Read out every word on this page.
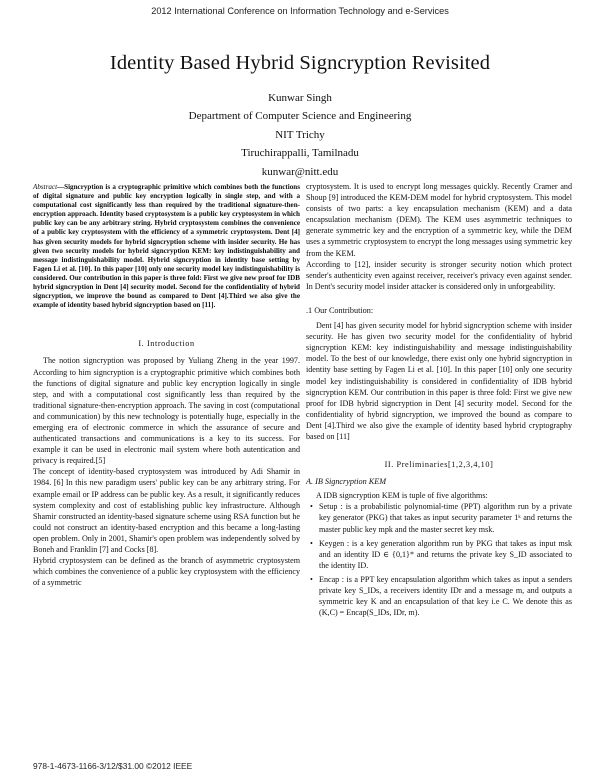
2012 International Conference on Information Technology and e-Services
Identity Based Hybrid Signcryption Revisited
Kunwar Singh
Department of Computer Science and Engineering
NIT Trichy
Tiruchirappalli, Tamilnadu
kunwar@nitt.edu

Abstract—Signcryption is a cryptographic primitive which combines both the functions of digital signature and public key encryption logically in single step, and with a computational cost significantly less than required by the traditional signature-then-encryption approach. Identity based cryptosystem is a public key cryptosystem in which public key can be any arbitrary string. Hybrid cryptosystem combines the convenience of a public key cryptosystem with the efficiency of a symmetric cryptosystem. Dent [4] has given security models for hybrid signcryption scheme with insider security. He has given two security models for hybrid signcryption KEM: key indistinguishability and message indistinguishability model. Hybrid signcryption in identity base setting by Fagen Li et al. [10]. In this paper [10] only one security model key indistinguishability is considered. Our contribution in this paper is three fold: First we give new proof for IDB hybrid signcryption in Dent [4] security model. Second for the confidentiality of hybrid signcryption, we improve the bound as compared to Dent [4].Third we also give the example of identity based hybrid signcryption based on [11].

I. Introduction

The notion signcryption was proposed by Yuliang Zheng in the year 1997. According to him signcryption is a cryptographic primitive which combines both the functions of digital signature and public key encryption logically in single step, and with a computational cost significantly less than required by the traditional signature-then-encryption approach. The saving in cost (computational and communication) by this new technology is potentially huge, especially in the emerging era of electronic commerce in which the assurance of secure and authenticated transactions and communications is a key to its success. For example it can be used in electronic mail system where both autentication and privacy is required.[5]

The concept of identity-based cryptosystem was introduced by Adi Shamir in 1984. [6] In this new paradigm users' public key can be any arbitrary string. For example email or IP address can be public key. As a result, it significantly reduces system complexity and cost of establishing public key infrastructure. Although Shamir constructed an identity-based signature scheme using RSA function but he could not construct an identity-based encryption and this became a long-lasting open problem. Only in 2001, Shamir's open problem was independently solved by Boneh and Franklin [7] and Cocks [8].

Hybrid cryptosystem can be defined as the branch of asymmetric cryptosystem which combines the convenience of a public key cryptosystem with the efficiency of a symmetric

cryptosystem. It is used to encrypt long messages quickly. Recently Cramer and Shoup [9] introduced the KEM-DEM model for hybrid cryptosystem. This model consists of two parts: a key encapsulation mechanism (KEM) and a data encapsulation mechanism (DEM). The KEM uses asymmetric techniques to generate symmetric key and the encryption of a symmetric key, while the DEM uses a symmetric cryptosystem to encrypt the long messages using symmetric key from the KEM.

According to [12], insider security is stronger security notion which protect sender's authenticity even against receiver, receiver's privacy even against sender. In Dent's security model insider attacker is considered only in unforgeability.

.1 Our Contribution:

Dent [4] has given security model for hybrid signcryption scheme with insider security. He has given two security model for the confidentiality of hybrid signcryption KEM: key indistinguishability and message indistinguishability model. To the best of our knowledge, there exist only one hybrid signcryption in identity base setting by Fagen Li et al. [10]. In this paper [10] only one security model key indistinguishability is considered in confidentiality of IDB hybrid signcryption KEM. Our contribution in this paper is three fold: First we give new proof for IDB hybrid signcryption in Dent [4] security model. Second for the confidentiality of hybrid signcryption, we improved the bound as compare to Dent [4].Third we also give the example of identity based hybrid cryptography based on [11]

II. Preliminaries[1,2,3,4,10]
A. IB Signcryption KEM

A IDB signcryption KEM is tuple of five algorithms:

• Setup : is a probabilistic polynomial-time (PPT) algorithm run by a private key generator (PKG) that takes as input security parameter 1ᵏ and returns the master public key mpk and the master secret key msk.
• Keygen : is a key generation algorithm run by PKG that takes as input msk and an identity ID ∈ {0,1}* and returns the private key S_ID associated to the identity ID.
• Encap : is a PPT key encapsulation algorithm which takes as input a senders private key S_IDs, a receivers identity IDr and a message m, and outputs a symmetric key K and an encapsulation of that key i.e C. We denote this as (K,C) = Encap(S_IDs, IDr, m).
978-1-4673-1166-3/12/$31.00 ©2012 IEEE
